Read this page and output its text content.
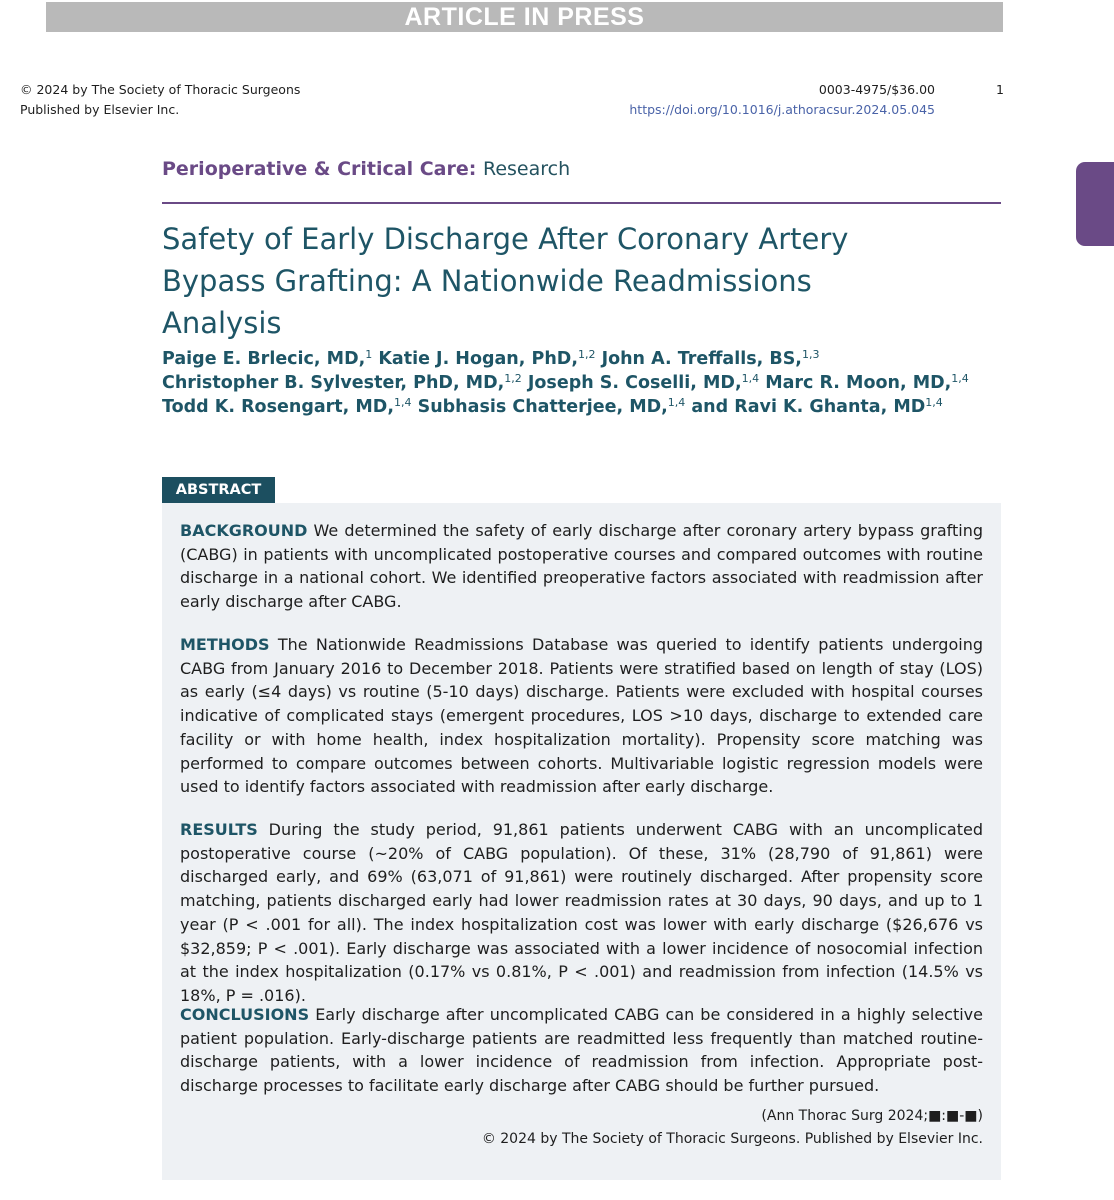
ARTICLE IN PRESS
© 2024 by The Society of Thoracic Surgeons
Published by Elsevier Inc.
0003-4975/$36.00
https://doi.org/10.1016/j.athoracsur.2024.05.045
1
Perioperative & Critical Care: Research
Safety of Early Discharge After Coronary Artery Bypass Grafting: A Nationwide Readmissions Analysis
Paige E. Brlecic, MD,$^1$ Katie J. Hogan, PhD,$^{1,2}$ John A. Treffalls, BS,$^{1,3}$
Christopher B. Sylvester, PhD, MD,$^{1,2}$ Joseph S. Coselli, MD,$^{1,4}$ Marc R. Moon, MD,$^{1,4}$
Todd K. Rosengart, MD,$^{1,4}$ Subhasis Chatterjee, MD,$^{1,4}$ and Ravi K. Ghanta, MD$^{1,4}$
ABSTRACT
BACKGROUND We determined the safety of early discharge after coronary artery bypass grafting (CABG) in patients with uncomplicated postoperative courses and compared outcomes with routine discharge in a national cohort. We identified preoperative factors associated with readmission after early discharge after CABG.
METHODS The Nationwide Readmissions Database was queried to identify patients undergoing CABG from January 2016 to December 2018. Patients were stratified based on length of stay (LOS) as early (≤4 days) vs routine (5-10 days) discharge. Patients were excluded with hospital courses indicative of complicated stays (emergent procedures, LOS >10 days, discharge to extended care facility or with home health, index hospitalization mortality). Propensity score matching was performed to compare outcomes between cohorts. Multivariable logistic regression models were used to identify factors associated with readmission after early discharge.
RESULTS During the study period, 91,861 patients underwent CABG with an uncomplicated postoperative course (~20% of CABG population). Of these, 31% (28,790 of 91,861) were discharged early, and 69% (63,071 of 91,861) were routinely discharged. After propensity score matching, patients discharged early had lower readmission rates at 30 days, 90 days, and up to 1 year (P < .001 for all). The index hospitalization cost was lower with early discharge ($26,676 vs $32,859; P < .001). Early discharge was associated with a lower incidence of nosocomial infection at the index hospitalization (0.17% vs 0.81%, P < .001) and readmission from infection (14.5% vs 18%, P = .016).
CONCLUSIONS Early discharge after uncomplicated CABG can be considered in a highly selective patient population. Early-discharge patients are readmitted less frequently than matched routine-discharge patients, with a lower incidence of readmission from infection. Appropriate post-discharge processes to facilitate early discharge after CABG should be further pursued.
(Ann Thorac Surg 2024;■:■-■)
© 2024 by The Society of Thoracic Surgeons. Published by Elsevier Inc.
